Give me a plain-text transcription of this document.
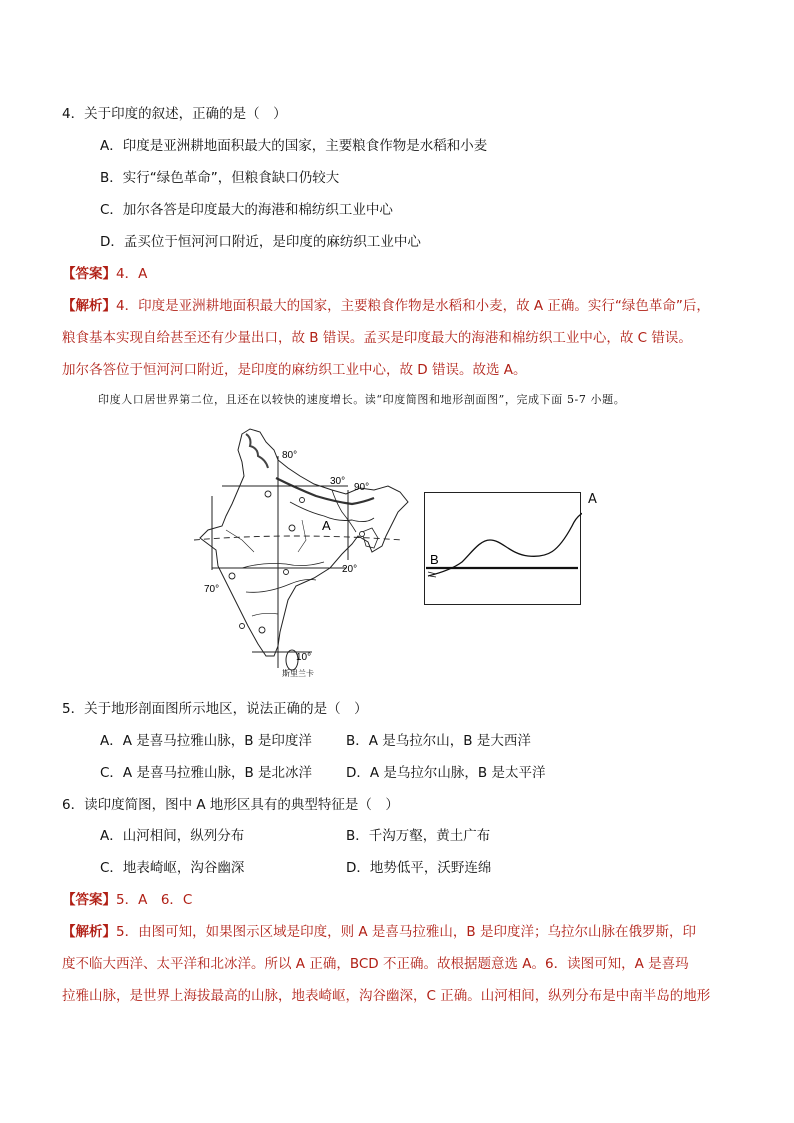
4．关于印度的叙述，正确的是（　）
A．印度是亚洲耕地面积最大的国家，主要粮食作物是水稻和小麦
B．实行“绿色革命”，但粮食缺口仍较大
C．加尔各答是印度最大的海港和棉纺织工业中心
D．孟买位于恒河河口附近，是印度的麻纺织工业中心
【答案】4．A
【解析】4．印度是亚洲耕地面积最大的国家，主要粮食作物是水稻和小麦，故 A 正确。实行“绿色革命”后，
粮食基本实现自给甚至还有少量出口，故 B 错误。孟买是印度最大的海港和棉纺织工业中心，故 C 错误。
加尔各答位于恒河河口附近，是印度的麻纺织工业中心，故 D 错误。故选 A。
印度人口居世界第二位，且还在以较快的速度增长。读“印度简图和地形剖面图”，完成下面 5-7 小题。
80°
30°
90°
A
20°
70°
10°
斯里兰卡
B
A
5．关于地形剖面图所示地区，说法正确的是（　）
A．A 是喜马拉雅山脉，B 是印度洋	B．A 是乌拉尔山，B 是大西洋
C．A 是喜马拉雅山脉，B 是北冰洋	D．A 是乌拉尔山脉，B 是太平洋
6．读印度简图，图中 A 地形区具有的典型特征是（　）
A．山河相间，纵列分布	B．千沟万壑，黄土广布
C．地表崎岖，沟谷幽深	D．地势低平，沃野连绵
【答案】5．A　6．C
【解析】5．由图可知，如果图示区域是印度，则 A 是喜马拉雅山，B 是印度洋；乌拉尔山脉在俄罗斯，印
度不临大西洋、太平洋和北冰洋。所以 A 正确，BCD 不正确。故根据题意选 A。6．读图可知，A 是喜玛
拉雅山脉，是世界上海拔最高的山脉，地表崎岖，沟谷幽深，C 正确。山河相间，纵列分布是中南半岛的地形
